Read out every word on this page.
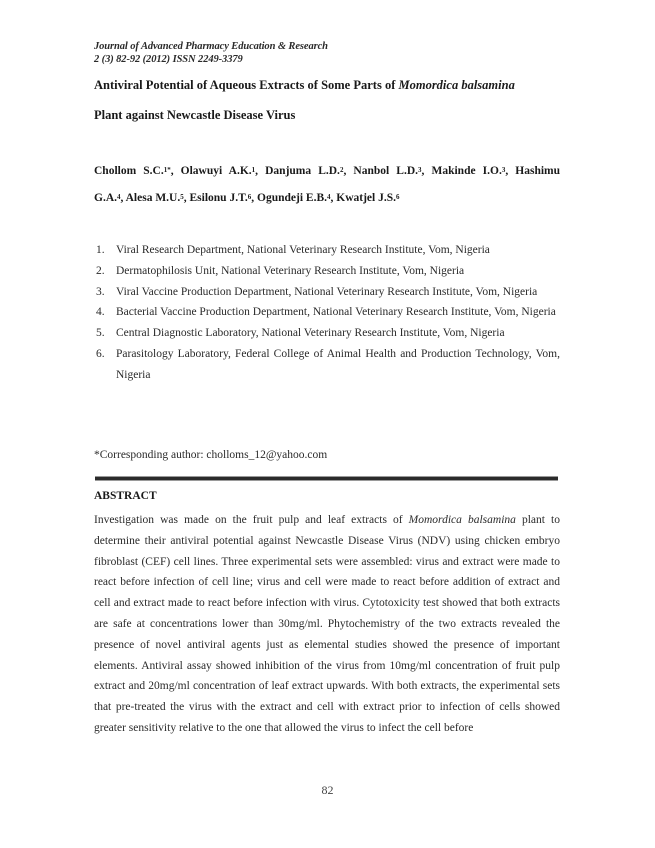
Journal of Advanced Pharmacy Education & Research
2 (3) 82-92 (2012) ISSN 2249-3379
Antiviral Potential of Aqueous Extracts of Some Parts of Momordica balsamina
Plant against Newcastle Disease Virus
Chollom S.C.$^{1*}$, Olawuyi A.K.$^1$, Danjuma L.D.$^2$, Nanbol L.D.$^3$, Makinde I.O.$^3$, Hashimu
G.A.$^4$, Alesa M.U.$^5$, Esilonu J.T.$^6$, Ogundeji E.B.$^4$, Kwatjel J.S.$^6$
1. Viral Research Department, National Veterinary Research Institute, Vom, Nigeria
2. Dermatophilosis Unit, National Veterinary Research Institute, Vom, Nigeria
3. Viral Vaccine Production Department, National Veterinary Research Institute, Vom, Nigeria
4. Bacterial Vaccine Production Department, National Veterinary Research Institute, Vom, Nigeria
5. Central Diagnostic Laboratory, National Veterinary Research Institute, Vom, Nigeria
6. Parasitology Laboratory, Federal College of Animal Health and Production Technology, Vom, Nigeria
*Corresponding author: cholloms_12@yahoo.com
ABSTRACT

Investigation was made on the fruit pulp and leaf extracts of Momordica balsamina plant to determine their antiviral potential against Newcastle Disease Virus (NDV) using chicken embryo fibroblast (CEF) cell lines. Three experimental sets were assembled: virus and extract were made to react before infection of cell line; virus and cell were made to react before addition of extract and cell and extract made to react before infection with virus. Cytotoxicity test showed that both extracts are safe at concentrations lower than 30mg/ml. Phytochemistry of the two extracts revealed the presence of novel antiviral agents just as elemental studies showed the presence of important elements. Antiviral assay showed inhibition of the virus from 10mg/ml concentration of fruit pulp extract and 20mg/ml concentration of leaf extract upwards. With both extracts, the experimental sets that pre-treated the virus with the extract and cell with extract prior to infection of cells showed greater sensitivity relative to the one that allowed the virus to infect the cell before

82
